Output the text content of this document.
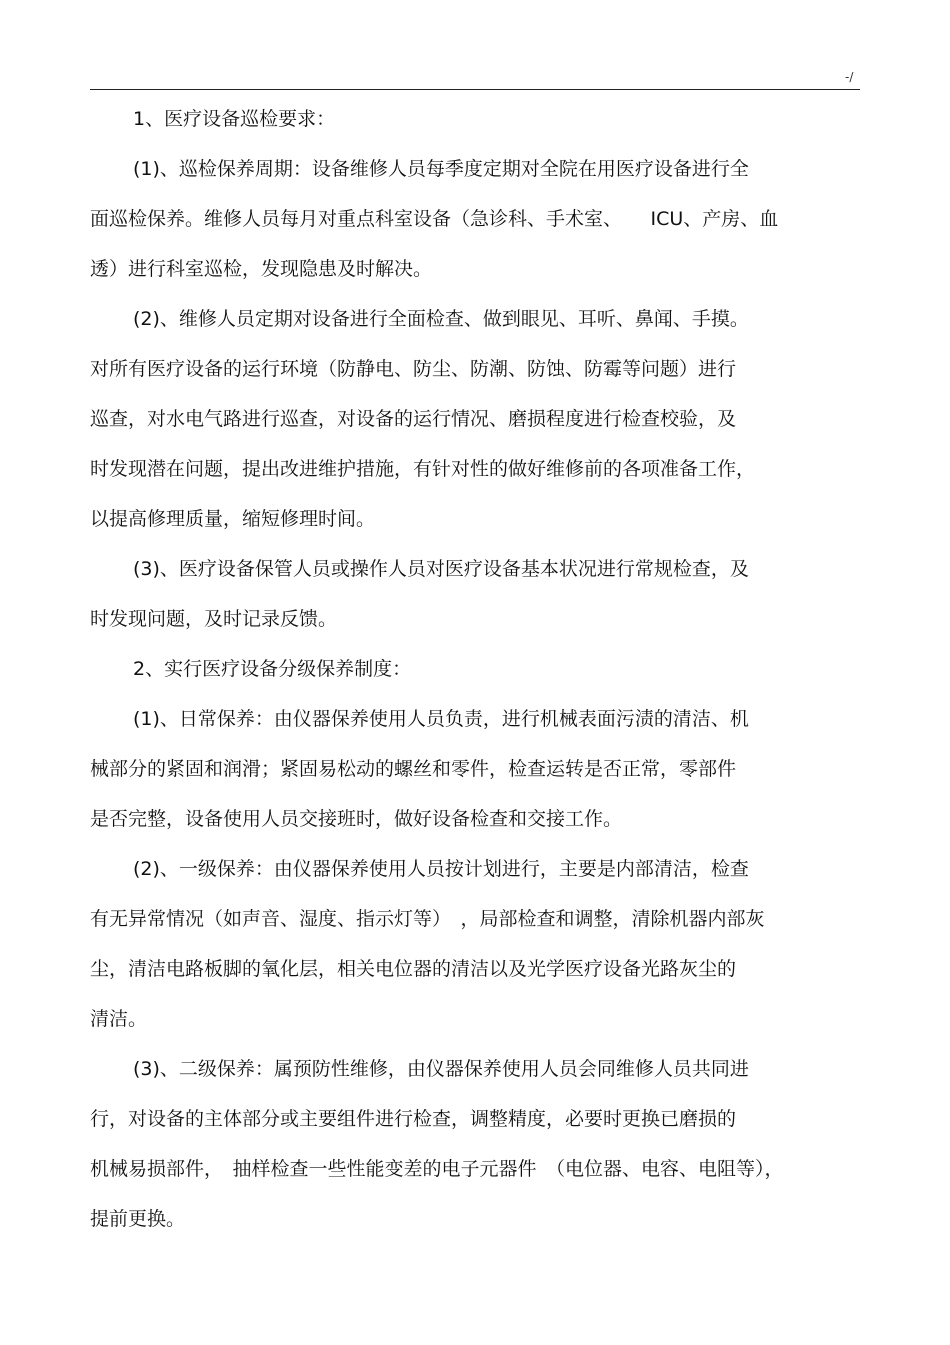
-/
1、医疗设备巡检要求：
(1)、巡检保养周期：设备维修人员每季度定期对全院在用医疗设备进行全
面巡检保养。维修人员每月对重点科室设备（急诊科、手术室、　　ICU、产房、血
透）进行科室巡检，发现隐患及时解决。
(2)、维修人员定期对设备进行全面检查、做到眼见、耳听、鼻闻、手摸。
对所有医疗设备的运行环境（防静电、防尘、防潮、防蚀、防霉等问题）进行
巡查，对水电气路进行巡查，对设备的运行情况、磨损程度进行检查校验，及
时发现潜在问题，提出改进维护措施，有针对性的做好维修前的各项准备工作，
以提高修理质量，缩短修理时间。
(3)、医疗设备保管人员或操作人员对医疗设备基本状况进行常规检查，及
时发现问题，及时记录反馈。
2、实行医疗设备分级保养制度：
(1)、日常保养：由仪器保养使用人员负责，进行机械表面污渍的清洁、机
械部分的紧固和润滑；紧固易松动的螺丝和零件，检查运转是否正常，零部件
是否完整，设备使用人员交接班时，做好设备检查和交接工作。
(2)、一级保养：由仪器保养使用人员按计划进行，主要是内部清洁，检查
有无异常情况（如声音、湿度、指示灯等）　，局部检查和调整，清除机器内部灰
尘，清洁电路板脚的氧化层，相关电位器的清洁以及光学医疗设备光路灰尘的
清洁。
(3)、二级保养：属预防性维修，由仪器保养使用人员会同维修人员共同进
行，对设备的主体部分或主要组件进行检查，调整精度，必要时更换已磨损的
机械易损部件，　抽样检查一些性能变差的电子元器件　（电位器、电容、电阻等），
提前更换。
